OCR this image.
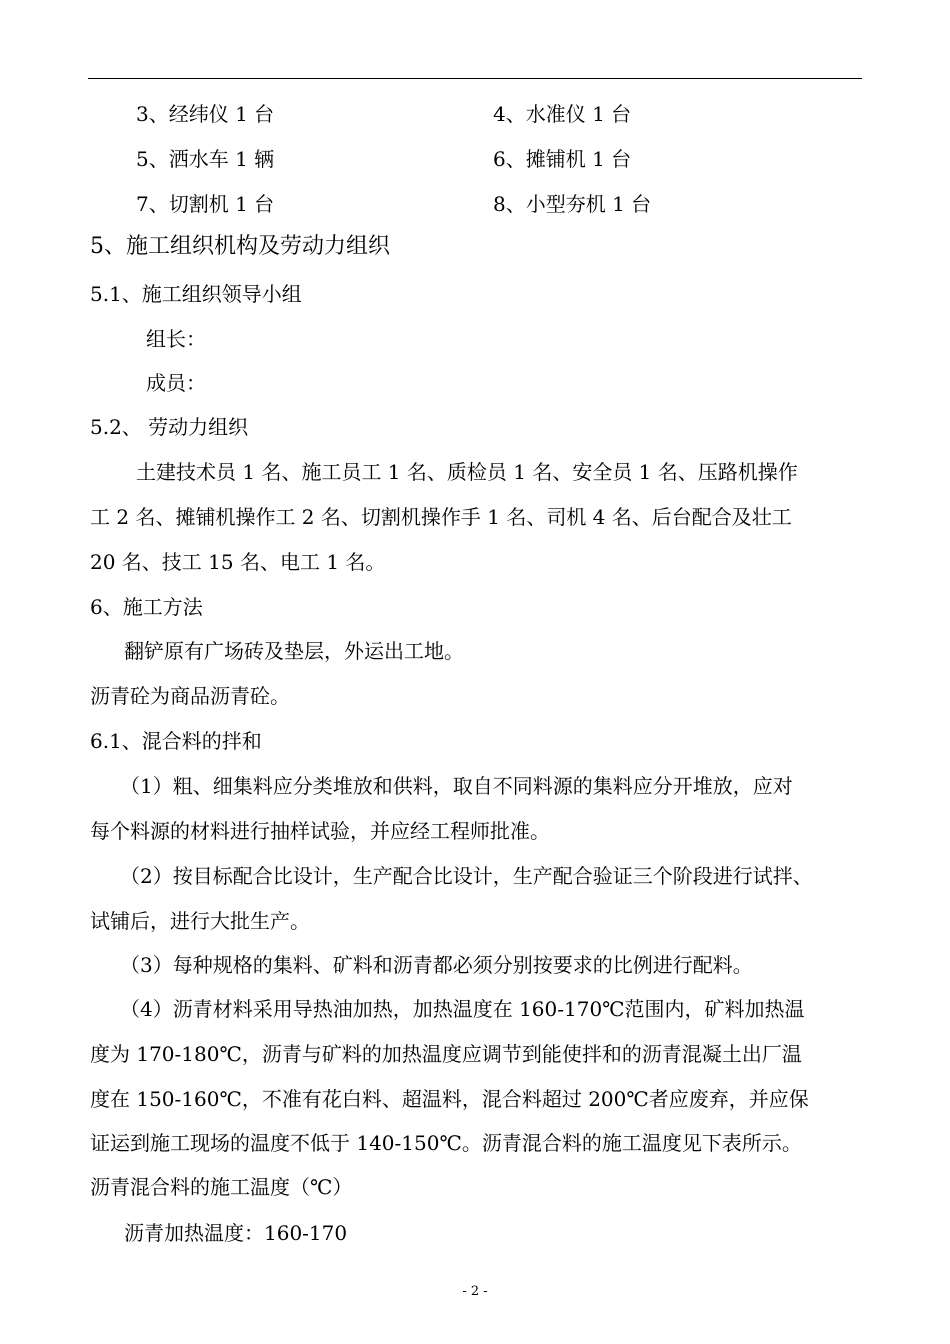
3、经纬仪 1 台	4、水准仪 1 台
5、洒水车 1 辆	6、摊铺机 1 台
7、切割机 1 台	8、小型夯机 1 台
5、施工组织机构及劳动力组织
5.1、施工组织领导小组
组长：
成员：
5.2、 劳动力组织
土建技术员 1 名、施工员工 1 名、质检员 1 名、安全员 1 名、压路机操作
工 2 名、摊铺机操作工 2 名、切割机操作手 1 名、司机 4 名、后台配合及壮工
20 名、技工 15 名、电工 1 名。
6、施工方法
翻铲原有广场砖及垫层，外运出工地。
沥青砼为商品沥青砼。
6.1、混合料的拌和
（1）粗、细集料应分类堆放和供料，取自不同料源的集料应分开堆放，应对
每个料源的材料进行抽样试验，并应经工程师批准。
（2）按目标配合比设计，生产配合比设计，生产配合验证三个阶段进行试拌、
试铺后，进行大批生产。
（3）每种规格的集料、矿料和沥青都必须分别按要求的比例进行配料。
（4）沥青材料采用导热油加热，加热温度在 160-170℃范围内，矿料加热温
度为 170-180℃，沥青与矿料的加热温度应调节到能使拌和的沥青混凝土出厂温
度在 150-160℃，不准有花白料、超温料，混合料超过 200℃者应废弃，并应保
证运到施工现场的温度不低于 140-150℃。沥青混合料的施工温度见下表所示。
沥青混合料的施工温度（℃）
沥青加热温度：160-170
- 2 -
